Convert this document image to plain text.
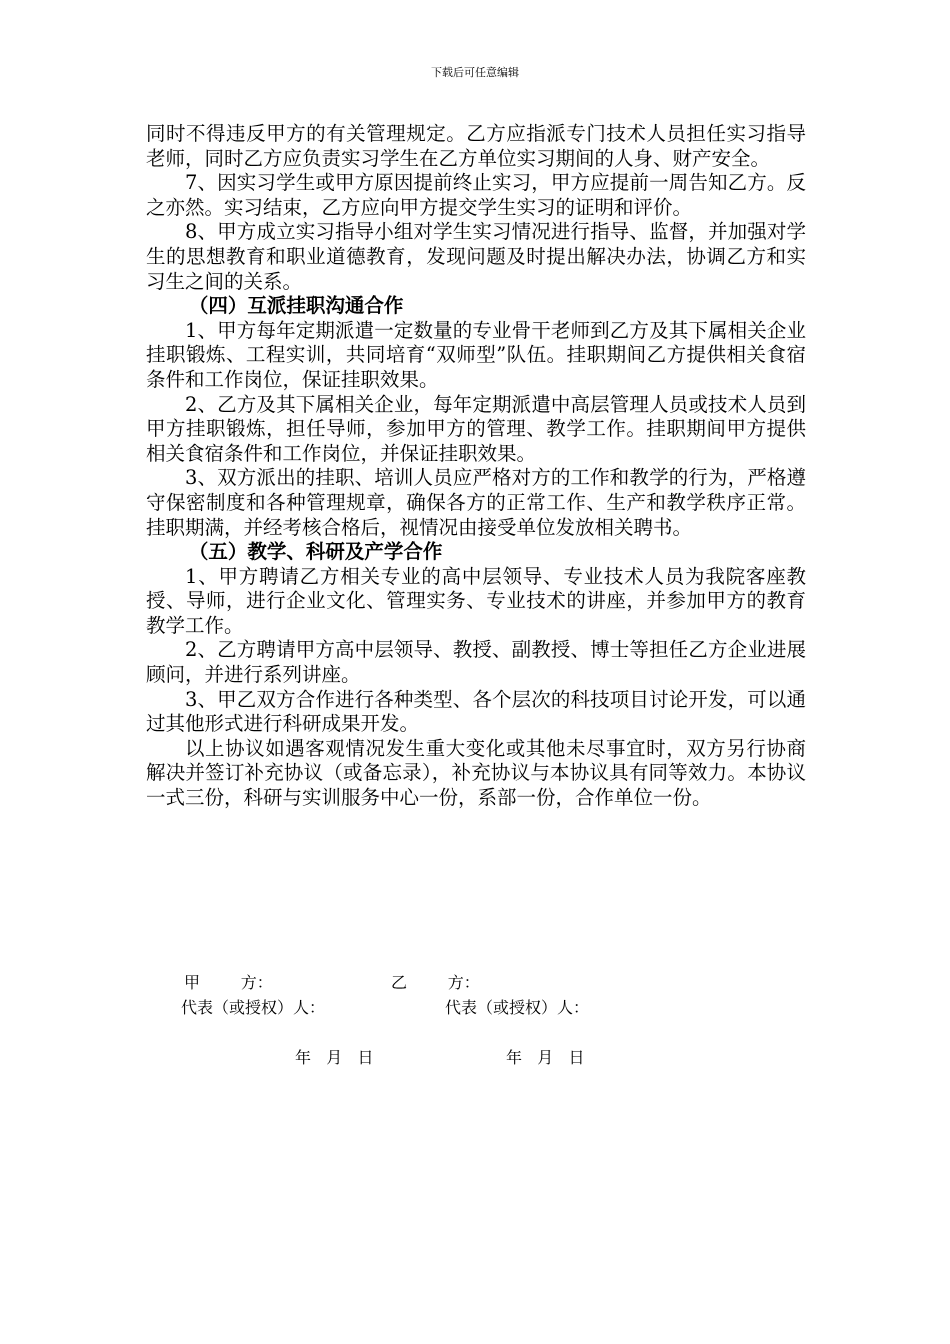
下载后可任意编辑

同时不得违反甲方的有关管理规定。乙方应指派专门技术人员担任实习指导老师，同时乙方应负责实习学生在乙方单位实习期间的人身、财产安全。

7、因实习学生或甲方原因提前终止实习，甲方应提前一周告知乙方。反之亦然。实习结束，乙方应向甲方提交学生实习的证明和评价。

8、甲方成立实习指导小组对学生实习情况进行指导、监督，并加强对学生的思想教育和职业道德教育，发现问题及时提出解决办法，协调乙方和实习生之间的关系。

（四）互派挂职沟通合作

1、甲方每年定期派遣一定数量的专业骨干老师到乙方及其下属相关企业挂职锻炼、工程实训，共同培育“双师型”队伍。挂职期间乙方提供相关食宿条件和工作岗位，保证挂职效果。

2、乙方及其下属相关企业，每年定期派遣中高层管理人员或技术人员到甲方挂职锻炼，担任导师，参加甲方的管理、教学工作。挂职期间甲方提供相关食宿条件和工作岗位，并保证挂职效果。

3、双方派出的挂职、培训人员应严格对方的工作和教学的行为，严格遵守保密制度和各种管理规章，确保各方的正常工作、生产和教学秩序正常。挂职期满，并经考核合格后，视情况由接受单位发放相关聘书。

（五）教学、科研及产学合作

1、甲方聘请乙方相关专业的高中层领导、专业技术人员为我院客座教授、导师，进行企业文化、管理实务、专业技术的讲座，并参加甲方的教育教学工作。

2、乙方聘请甲方高中层领导、教授、副教授、博士等担任乙方企业进展顾问，并进行系列讲座。

3、甲乙双方合作进行各种类型、各个层次的科技项目讨论开发，可以通过其他形式进行科研成果开发。

以上协议如遇客观情况发生重大变化或其他未尽事宜时，双方另行协商解决并签订补充协议（或备忘录），补充协议与本协议具有同等效力。本协议一式三份，科研与实训服务中心一份，系部一份，合作单位一份。

甲        方：	乙        方：
代表（或授权）人：	代表（或授权）人：
年   月   日	年   月   日
